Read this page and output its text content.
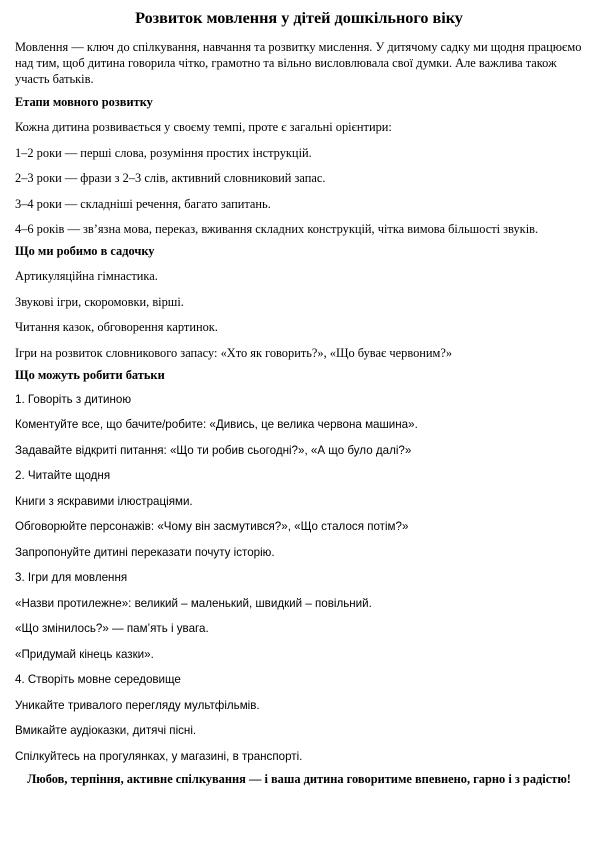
Розвиток мовлення у дітей дошкільного віку
Мовлення — ключ до спілкування, навчання та розвитку мислення. У дитячому садку ми щодня працюємо над тим, щоб дитина говорила чітко, грамотно та вільно висловлювала свої думки. Але важлива також участь батьків.
Етапи мовного розвитку
Кожна дитина розвивається у своєму темпі, проте є загальні орієнтири:
1–2 роки — перші слова, розуміння простих інструкцій.
2–3 роки — фрази з 2–3 слів, активний словниковий запас.
3–4 роки — складніші речення, багато запитань.
4–6 років — зв’язна мова, переказ, вживання складних конструкцій, чітка вимова більшості звуків.
Що ми робимо в садочку
Артикуляційна гімнастика.
Звукові ігри, скоромовки, вірші.
Читання казок, обговорення картинок.
Ігри на розвиток словникового запасу: «Хто як говорить?», «Що буває червоним?»
Що можуть робити батьки
1. Говоріть з дитиною
Коментуйте все, що бачите/робите: «Дивись, це велика червона машина».
Задавайте відкриті питання: «Що ти робив сьогодні?», «А що було далі?»
2. Читайте щодня
Книги з яскравими ілюстраціями.
Обговорюйте персонажів: «Чому він засмутився?», «Що сталося потім?»
Запропонуйте дитині переказати почуту історію.
3. Ігри для мовлення
«Назви протилежне»: великий – маленький, швидкий – повільний.
«Що змінилось?» — пам’ять і увага.
«Придумай кінець казки».
4. Створіть мовне середовище
Уникайте тривалого перегляду мультфільмів.
Вмикайте аудіоказки, дитячі пісні.
Спілкуйтесь на прогулянках, у магазині, в транспорті.
Любов, терпіння, активне спілкування — і ваша дитина говоритиме впевнено, гарно і з радістю!
